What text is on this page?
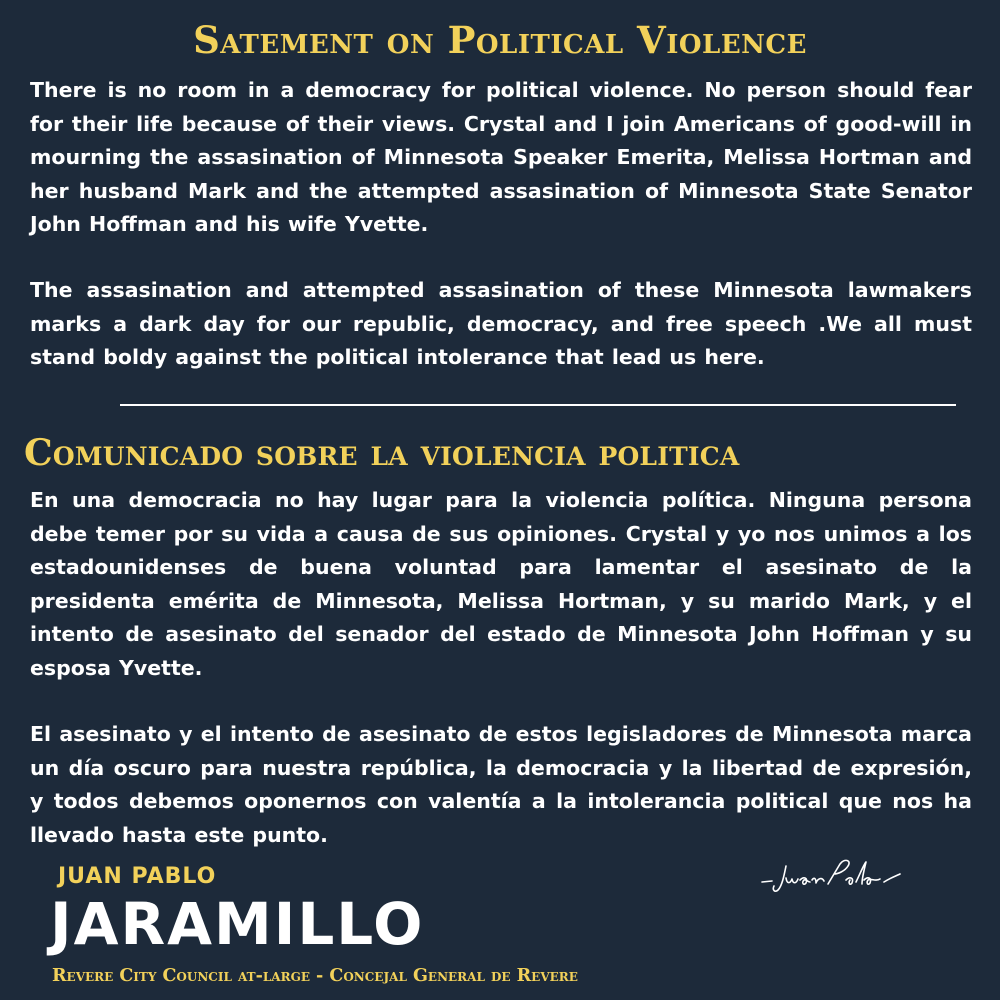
Satement on Political Violence

There is no room in a democracy for political violence. No person should fear for their life because of their views. Crystal and I join Americans of good-will in mourning the assasination of Minnesota Speaker Emerita, Melissa Hortman and her husband Mark and the attempted assasination of Minnesota State Senator John Hoffman and his wife Yvette.

The assasination and attempted assasination of these Minnesota lawmakers marks a dark day for our republic, democracy, and free speech .We all must stand boldy against the political intolerance that lead us here.

Comunicado sobre la violencia politica

En una democracia no hay lugar para la violencia política. Ninguna persona debe temer por su vida a causa de sus opiniones. Crystal y yo nos unimos a los estadounidenses de buena voluntad para lamentar el asesinato de la presidenta emérita de Minnesota, Melissa Hortman, y su marido Mark, y el intento de asesinato del senador del estado de Minnesota John Hoffman y su esposa Yvette.

El asesinato y el intento de asesinato de estos legisladores de Minnesota marca un día oscuro para nuestra república, la democracia y la libertad de expresión, y todos debemos oponernos con valentía a la intolerancia political que nos ha llevado hasta este punto.

JUAN PABLO
JARAMILLO
Revere City Council at-large - Concejal General de Revere
